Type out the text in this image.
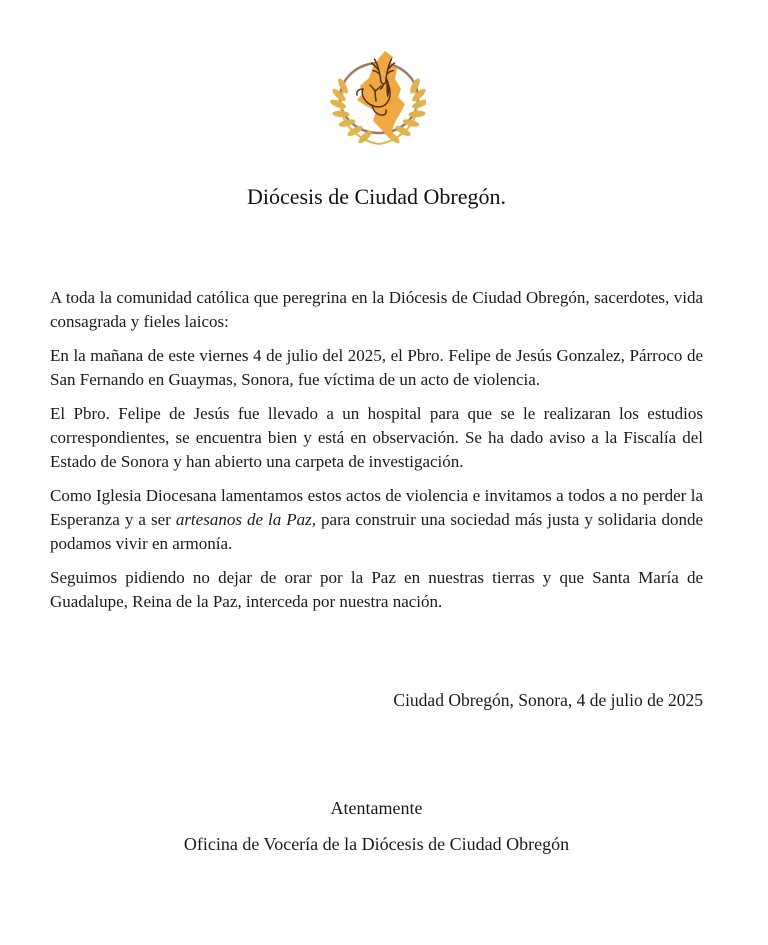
Diócesis de Ciudad Obregón.

A toda la comunidad católica que peregrina en la Diócesis de Ciudad Obregón, sacerdotes, vida consagrada y fieles laicos:

En la mañana de este viernes 4 de julio del 2025, el Pbro. Felipe de Jesús Gonzalez, Párroco de San Fernando en Guaymas, Sonora, fue víctima de un acto de violencia.

El Pbro. Felipe de Jesús fue llevado a un hospital para que se le realizaran los estudios correspondientes, se encuentra bien y está en observación. Se ha dado aviso a la Fiscalía del Estado de Sonora y han abierto una carpeta de investigación.

Como Iglesia Diocesana lamentamos estos actos de violencia e invitamos a todos a no perder la Esperanza y a ser artesanos de la Paz, para construir una sociedad más justa y solidaria donde podamos vivir en armonía.

Seguimos pidiendo no dejar de orar por la Paz en nuestras tierras y que Santa María de Guadalupe, Reina de la Paz, interceda por nuestra nación.

Ciudad Obregón, Sonora, 4 de julio de 2025
Atentamente
Oficina de Vocería de la Diócesis de Ciudad Obregón
